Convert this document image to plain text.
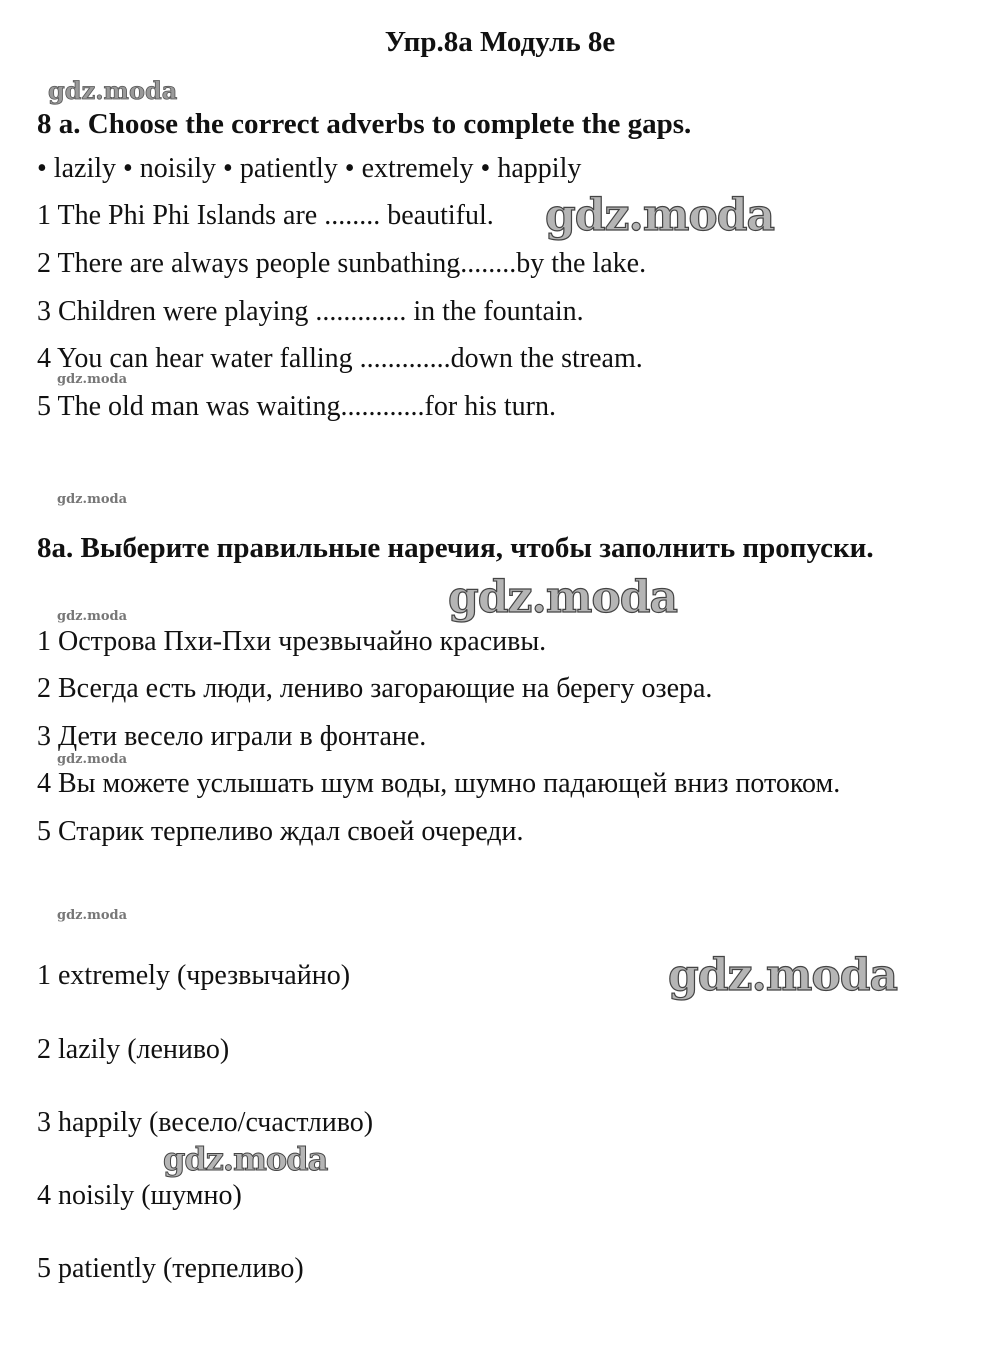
Упр.8а Модуль 8е
gdz.moda
gdz.moda
gdz.moda
gdz.moda
gdz.moda
gdz.moda
gdz.moda
gdz.moda
gdz.moda
gdz.moda
8 a. Choose the correct adverbs to complete the gaps.
• lazily • noisily • patiently • extremely • happily
1 The Phi Phi Islands are ........ beautiful.
2 There are always people sunbathing........by the lake.
3 Children were playing ............. in the fountain.
4 You can hear water falling .............down the stream.
5 The old man was waiting............for his turn.
8a. Выберите правильные наречия, чтобы заполнить пропуски.
1 Острова Пхи-Пхи чрезвычайно красивы.
2 Всегда есть люди, лениво загорающие на берегу озера.
3 Дети весело играли в фонтане.
4 Вы можете услышать шум воды, шумно падающей вниз потоком.
5 Старик терпеливо ждал своей очереди.
1 extremely (чрезвычайно)
2 lazily (лениво)
3 happily (весело/счастливо)
4 noisily (шумно)
5 patiently (терпеливо)
